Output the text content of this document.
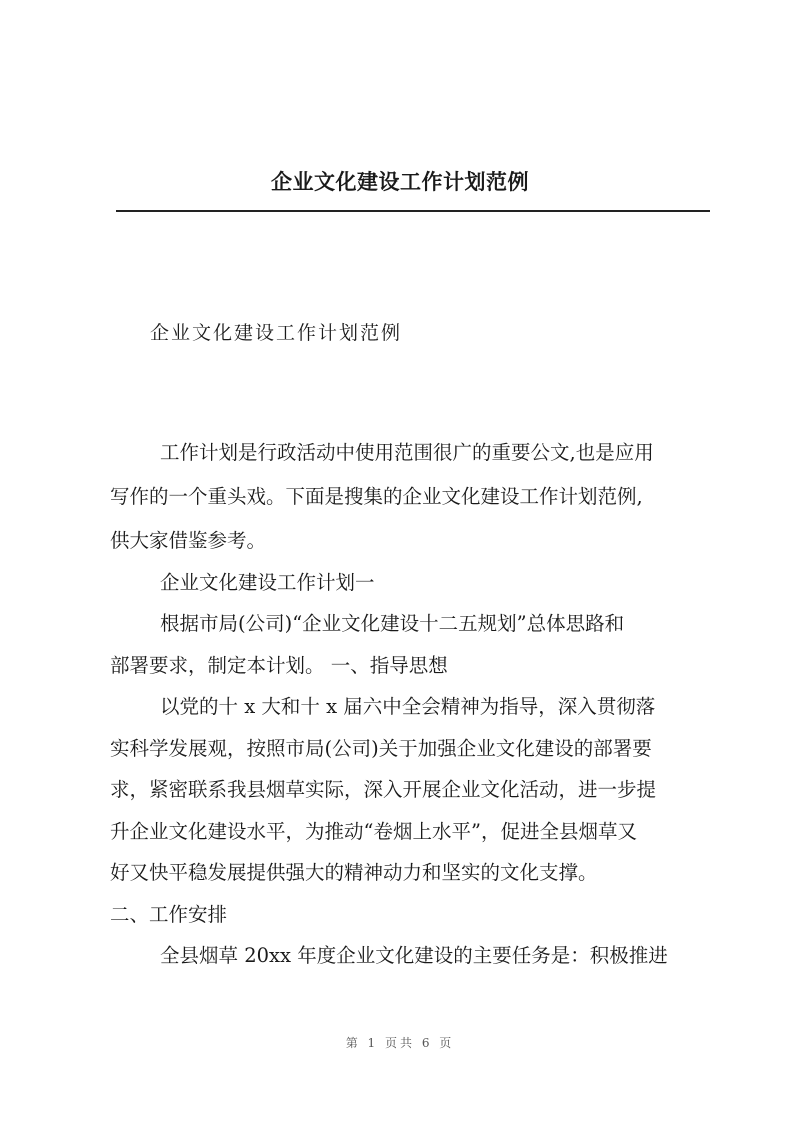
企业文化建设工作计划范例
企业文化建设工作计划范例
工作计划是行政活动中使用范围很广的重要公文,也是应用
写作的一个重头戏。下面是搜集的企业文化建设工作计划范例,
供大家借鉴参考。
企业文化建设工作计划一
根据市局(公司)“企业文化建设十二五规划”总体思路和
部署要求，制定本计划。 一、指导思想
以党的十 x 大和十 x 届六中全会精神为指导，深入贯彻落
实科学发展观，按照市局(公司)关于加强企业文化建设的部署要
求，紧密联系我县烟草实际，深入开展企业文化活动，进一步提
升企业文化建设水平，为推动“卷烟上水平”，促进全县烟草又
好又快平稳发展提供强大的精神动力和坚实的文化支撑。
二、工作安排
全县烟草 20xx 年度企业文化建设的主要任务是：积极推进
第 1 页共 6 页
